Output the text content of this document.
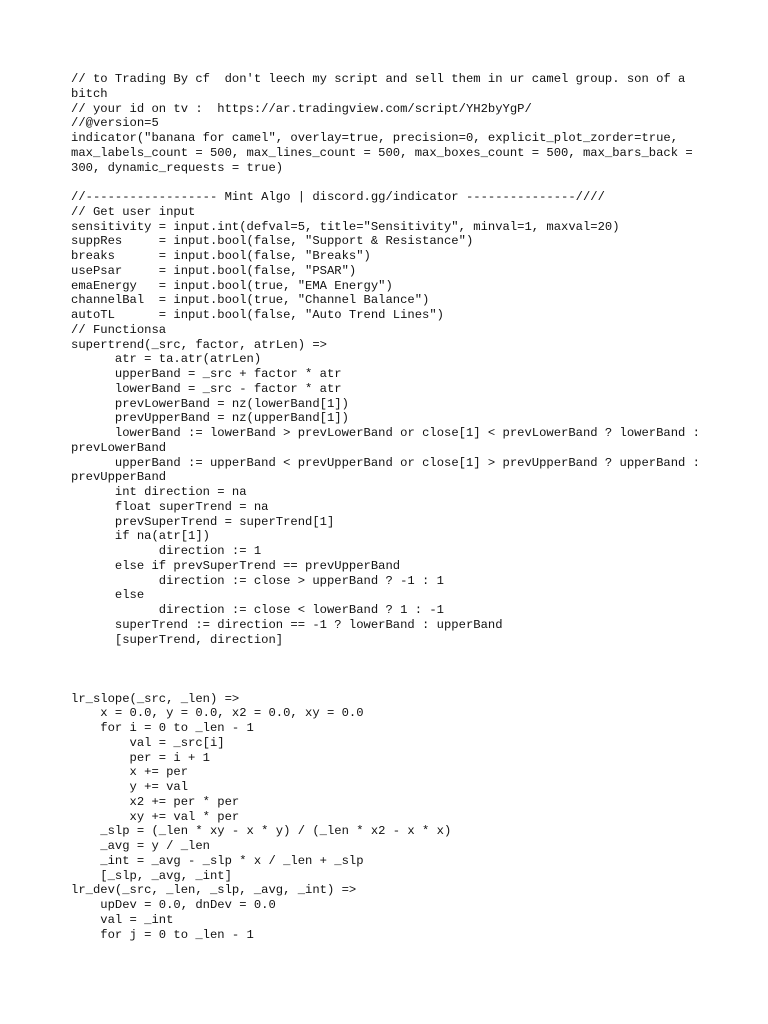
// to Trading By cf  don't leech my script and sell them in ur camel group. son of a bitch
// your id on tv :  https://ar.tradingview.com/script/YH2byYgP/
//@version=5
indicator("banana for camel", overlay=true, precision=0, explicit_plot_zorder=true, max_labels_count = 500, max_lines_count = 500, max_boxes_count = 500, max_bars_back = 300, dynamic_requests = true)
//------------------ Mint Algo | discord.gg/indicator ---------------////
// Get user input
sensitivity = input.int(defval=5, title="Sensitivity", minval=1, maxval=20)
suppRes     = input.bool(false, "Support & Resistance")
breaks      = input.bool(false, "Breaks")
usePsar     = input.bool(false, "PSAR")
emaEnergy   = input.bool(true, "EMA Energy")
channelBal  = input.bool(true, "Channel Balance")
autoTL      = input.bool(false, "Auto Trend Lines")
// Functionsa
supertrend(_src, factor, atrLen) =>
atr = ta.atr(atrLen)
upperBand = _src + factor * atr
lowerBand = _src - factor * atr
prevLowerBand = nz(lowerBand[1])
prevUpperBand = nz(upperBand[1])
lowerBand := lowerBand > prevLowerBand or close[1] < prevLowerBand ? lowerBand : prevLowerBand
upperBand := upperBand < prevUpperBand or close[1] > prevUpperBand ? upperBand : prevUpperBand
int direction = na
float superTrend = na
prevSuperTrend = superTrend[1]
if na(atr[1])
direction := 1
else if prevSuperTrend == prevUpperBand
direction := close > upperBand ? -1 : 1
else
direction := close < lowerBand ? 1 : -1
superTrend := direction == -1 ? lowerBand : upperBand
[superTrend, direction]
lr_slope(_src, _len) =>
x = 0.0, y = 0.0, x2 = 0.0, xy = 0.0
for i = 0 to _len - 1
val = _src[i]
per = i + 1
x += per
y += val
x2 += per * per
xy += val * per
_slp = (_len * xy - x * y) / (_len * x2 - x * x)
_avg = y / _len
_int = _avg - _slp * x / _len + _slp
[_slp, _avg, _int]
lr_dev(_src, _len, _slp, _avg, _int) =>
upDev = 0.0, dnDev = 0.0
val = _int
for j = 0 to _len - 1
